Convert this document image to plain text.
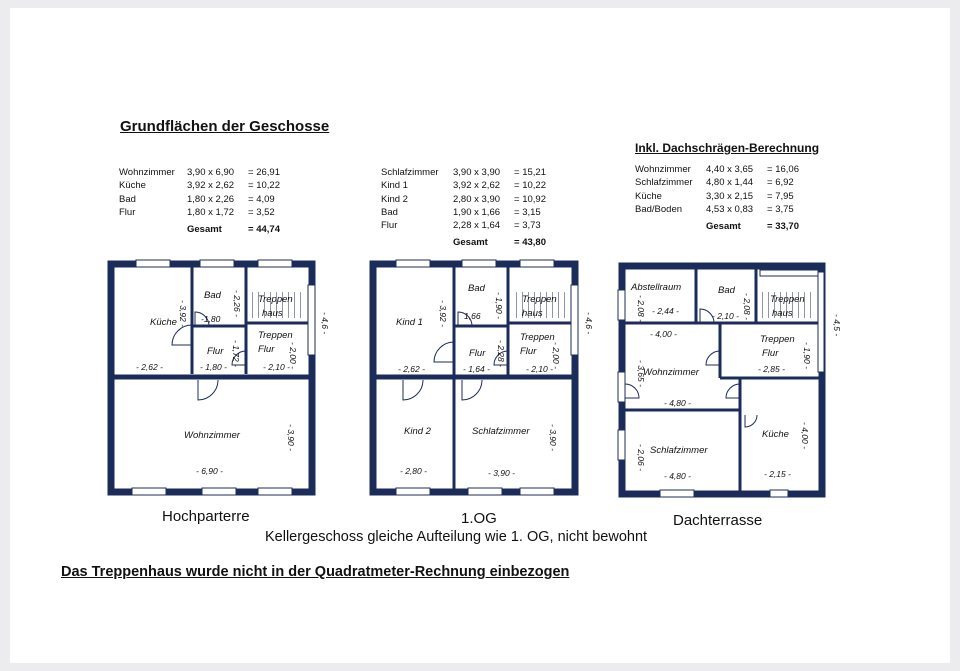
Grundflächen der Geschosse
Inkl. Dachschrägen-Berechnung
Wohnzimmer	3,90 x 6,90	= 26,91
Küche	3,92 x 2,62	= 10,22
Bad	1,80 x 2,26	= 4,09
Flur	1,80 x 1,72	= 3,52
	Gesamt	= 44,74
Schlafzimmer	3,90 x 3,90	= 15,21
Kind 1	3,92 x 2,62	= 10,22
Kind 2	2,80 x 3,90	= 10,92
Bad	1,90 x 1,66	= 3,15
Flur	2,28 x 1,64	= 3,73
	Gesamt	= 43,80
Wohnzimmer	4,40 x 3,65	= 16,06
Schlafzimmer	4,80 x 1,44	= 6,92
Küche	3,30 x 2,15	= 7,95
Bad/Boden	4,53 x 0,83	= 3,75
	Gesamt	= 33,70
Küche
Bad	Treppen
haus
Treppen
Flur
Flur
Wohnzimmer
- 3,92 - -1,80
- 2,26 -
- 4,6 -
- 1,72 -	- 2,00 -
- 2,62 -	- 1,80 -	- 2,10 -
- 3,90 -
- 6,90 -
Kind 1
Bad
Treppen
haus
Treppen
Flur
Flur
Kind 2	Schlafzimmer
- 3,92 - 1,66 - 1,90 -
- 4,6 -
- 2,28 -	- 2,00 -
- 2,62 -	- 1,64 -	- 2,10 -
- 2,80 -	- 3,90 -
- 3,90 -
Abstellraum	Bad
Treppen
haus
Treppen
Flur
Wohnzimmer
Schlafzimmer
Küche
- 2,08 - - 2,44 -	- 2,08 -
- 2,10 -	- 4,5 -
- 4,00 -
- 3,65 -
- 1,90 -
- 2,85 -
- 4,80 -
- 2,06 -
- 4,00 -
- 4,80 -	- 2,15 -
Hochparterre	1.OG	Dachterrasse
Kellergeschoss gleiche Aufteilung wie 1. OG, nicht bewohnt
Das Treppenhaus wurde nicht in der Quadratmeter-Rechnung einbezogen
